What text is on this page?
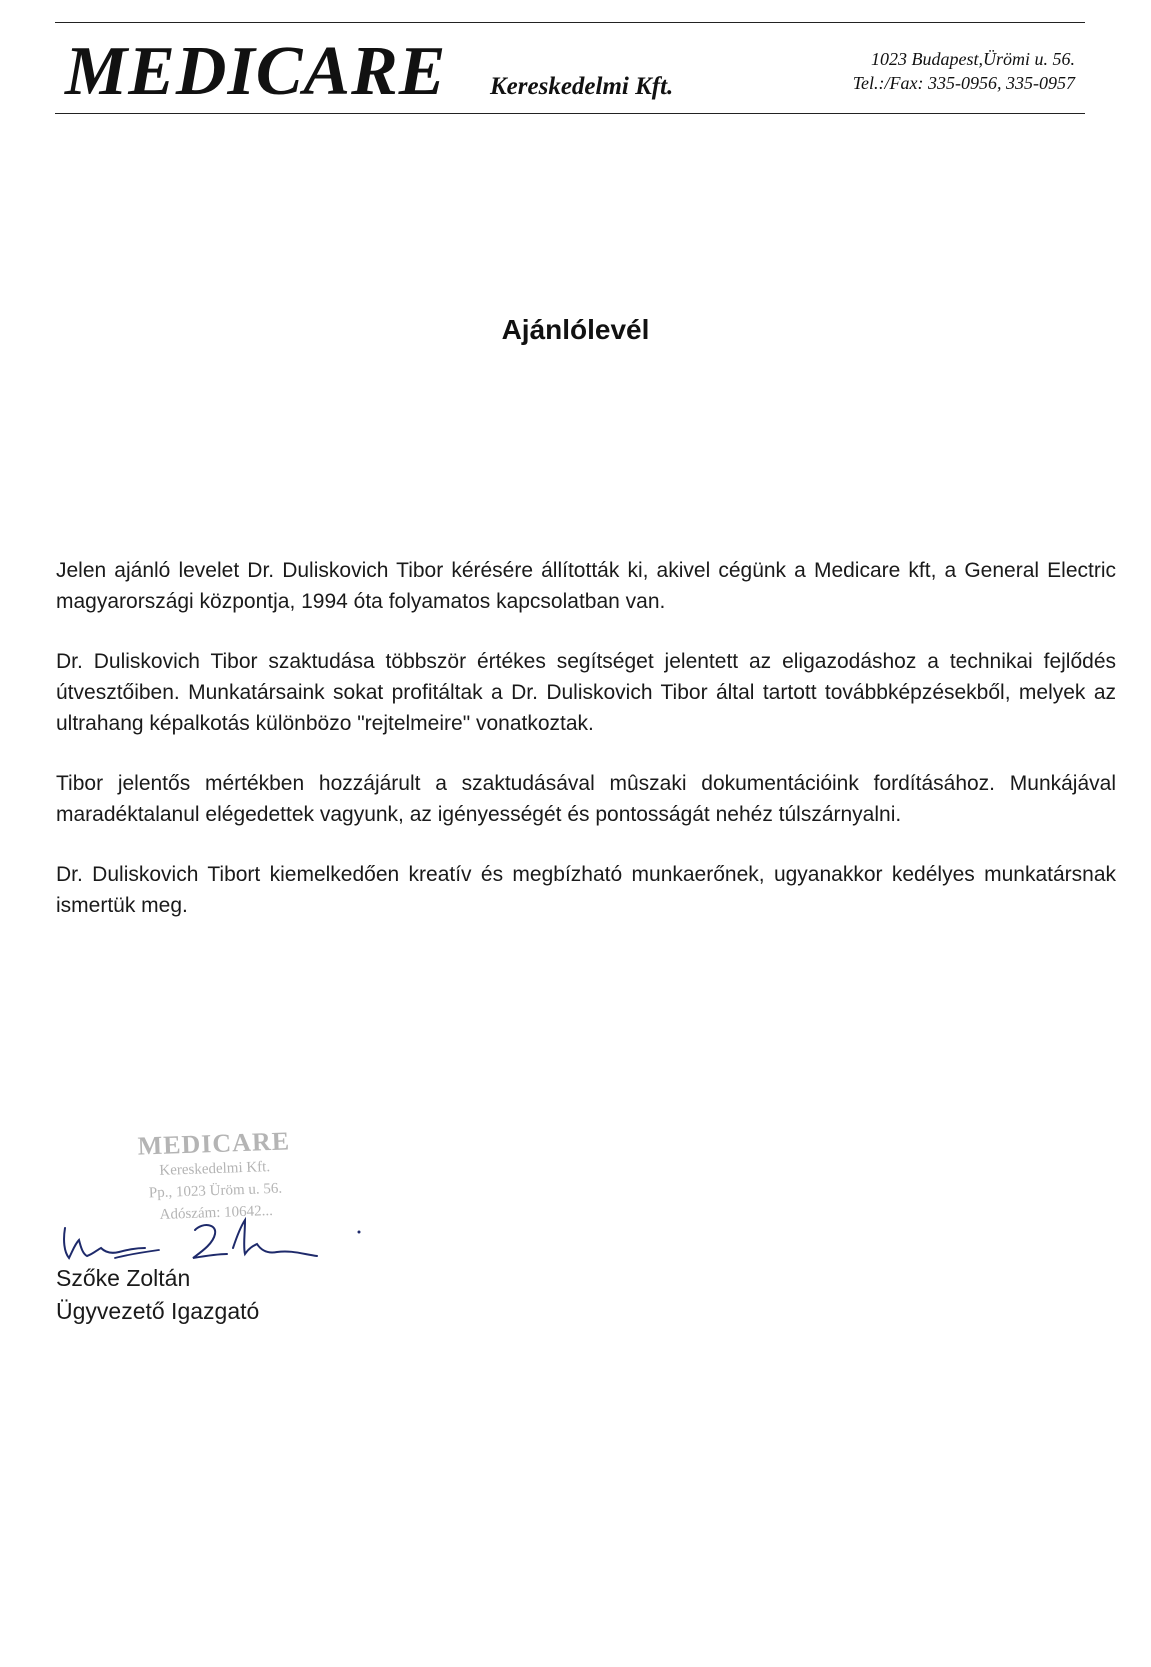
MEDICARE Kereskedelmi Kft.
1023 Budapest,Ürömi u. 56.
Tel.:/Fax: 335-0956, 335-0957
Ajánlólevél

Jelen ajánló levelet Dr. Duliskovich Tibor kérésére állították ki, akivel cégünk a Medicare kft, a General Electric magyarországi központja, 1994 óta folyamatos kapcsolatban van.

Dr. Duliskovich Tibor szaktudása többször értékes segítséget jelentett az eligazodáshoz a technikai fejlődés útvesztőiben. Munkatársaink sokat profitáltak a Dr. Duliskovich Tibor által tartott továbbképzésekből, melyek az ultrahang képalkotás különbözo "rejtelmeire" vonatkoztak.

Tibor jelentős mértékben hozzájárult a szaktudásával mûszaki dokumentációink fordításához. Munkájával maradéktalanul elégedettek vagyunk, az igényességét és pontosságát nehéz túlszárnyalni.

Dr. Duliskovich Tibort kiemelkedően kreatív és megbízható munkaerőnek, ugyanakkor kedélyes munkatársnak ismertük meg.

MEDICARE
Kereskedelmi Kft.
Pp., 1023 Üröm u. 56.
Adószám: 10642...
Szőke Zoltán
Ügyvezető Igazgató
